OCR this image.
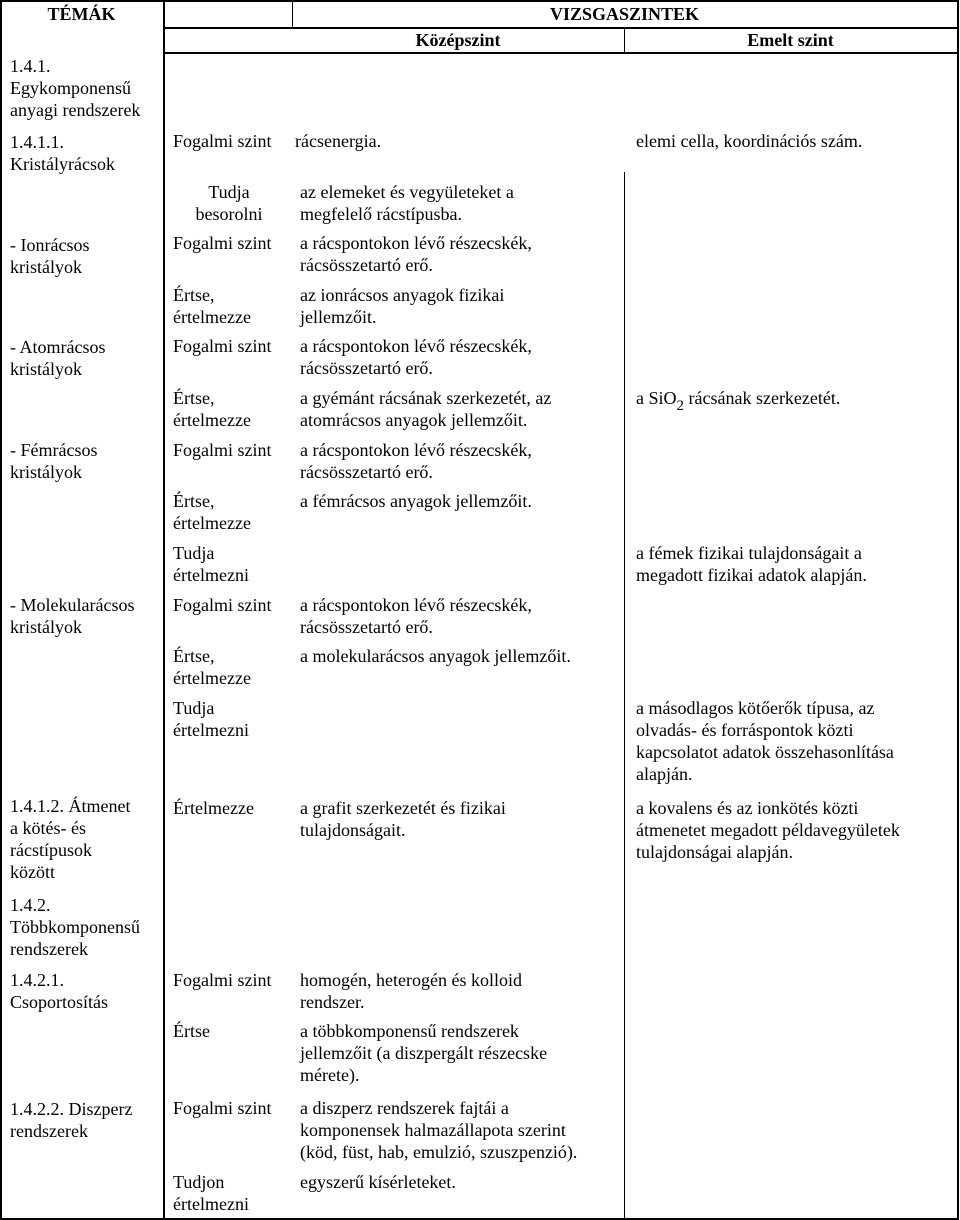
TÉMÁK	VIZSGASZINTEK
Középszint	Emelt szint
1.4.1.
Egykomponensű
anyagi rendszerek
1.4.1.1.
Kristályrácsok
- Ionrácsos
kristályok
- Atomrácsos
kristályok
- Fémrácsos
kristályok
- Molekularácsos
kristályok
1.4.1.2. Átmenet
a kötés- és
rácstípusok
között
1.4.2.
Többkomponensű
rendszerek
1.4.2.1.
Csoportosítás
1.4.2.2. Diszperz
rendszerek
Fogalmi szint
Tudja
besorolni
Fogalmi szint
Értse,
értelmezze
Fogalmi szint
Értse,
értelmezze
Fogalmi szint
Értse,
értelmezze
Tudja
értelmezni
Fogalmi szint
Értse,
értelmezze
Tudja
értelmezni
Értelmezze
Fogalmi szint
Értse
Fogalmi szint
Tudjon
értelmezni
rácsenergia.
az elemeket és vegyületeket a
megfelelő rácstípusba.
a rácspontokon lévő részecskék,
rácsösszetartó erő.
az ionrácsos anyagok fizikai
jellemzőit.
a rácspontokon lévő részecskék,
rácsösszetartó erő.
a gyémánt rácsának szerkezetét, az
atomrácsos anyagok jellemzőit.
a rácspontokon lévő részecskék,
rácsösszetartó erő.
a fémrácsos anyagok jellemzőit.
a rácspontokon lévő részecskék,
rácsösszetartó erő.
a molekularácsos anyagok jellemzőit.
a grafit szerkezetét és fizikai
tulajdonságait.
homogén, heterogén és kolloid
rendszer.
a többkomponensű rendszerek
jellemzőit (a diszpergált részecske
mérete).
a diszperz rendszerek fajtái a
komponensek halmazállapota szerint
(köd, füst, hab, emulzió, szuszpenzió).
egyszerű kísérleteket.
elemi cella, koordinációs szám.
a SiO$_2$ rácsának szerkezetét.
a fémek fizikai tulajdonságait a
megadott fizikai adatok alapján.
a másodlagos kötőerők típusa, az
olvadás- és forráspontok közti
kapcsolatot adatok összehasonlítása
alapján.
a kovalens és az ionkötés közti
átmenetet megadott példavegyületek
tulajdonságai alapján.
